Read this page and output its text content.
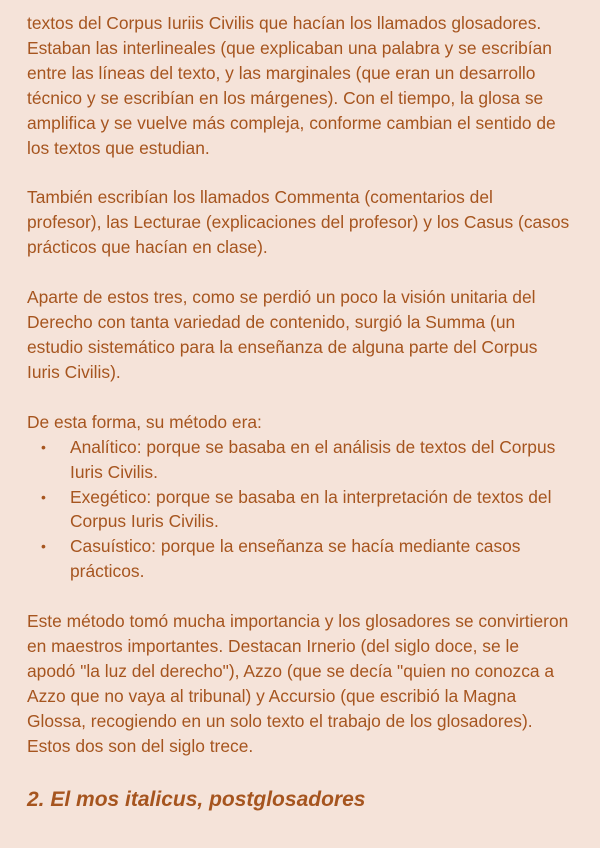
textos del Corpus Iuriis Civilis que hacían los llamados glosadores. Estaban las interlineales (que explicaban una palabra y se escribían entre las líneas del texto, y las marginales (que eran un desarrollo técnico y se escribían en los márgenes). Con el tiempo, la glosa se amplifica y se vuelve más compleja, conforme cambian el sentido de los textos que estudian.

También escribían los llamados Commenta (comentarios del profesor), las Lecturae (explicaciones del profesor) y los Casus (casos prácticos que hacían en clase).

Aparte de estos tres, como se perdió un poco la visión unitaria del Derecho con tanta variedad de contenido, surgió la Summa (un estudio sistemático para la enseñanza de alguna parte del Corpus Iuris Civilis).

De esta forma, su método era:

• Analítico: porque se basaba en el análisis de textos del Corpus Iuris Civilis.
• Exegético: porque se basaba en la interpretación de textos del Corpus Iuris Civilis.
• Casuístico: porque la enseñanza se hacía mediante casos prácticos.

Este método tomó mucha importancia y los glosadores se convirtieron en maestros importantes. Destacan Irnerio (del siglo doce, se le apodó "la luz del derecho"), Azzo (que se decía "quien no conozca a Azzo que no vaya al tribunal) y Accursio (que escribió la Magna Glossa, recogiendo en un solo texto el trabajo de los glosadores). Estos dos son del siglo trece.

2. El mos italicus, postglosadores
